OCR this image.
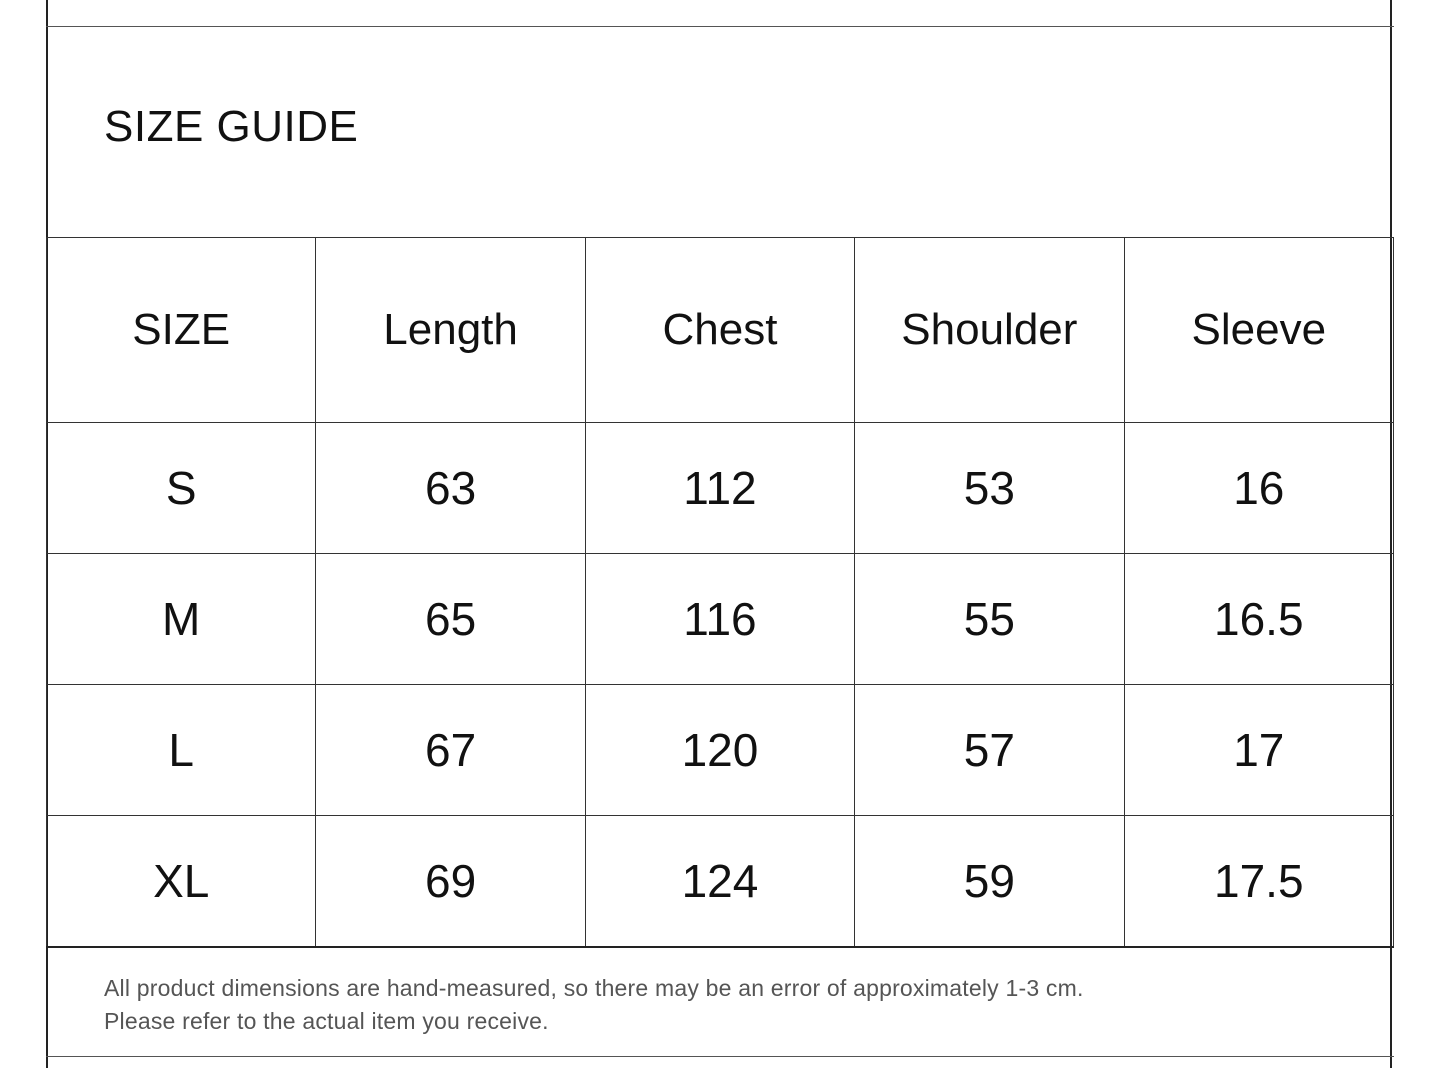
SIZE GUIDE
SIZE	Length	Chest	Shoulder	Sleeve
S	63	112	53	16
M	65	116	55	16.5
L	67	120	57	17
XL	69	124	59	17.5
All product dimensions are hand-measured, so there may be an error of approximately 1-3 cm.
Please refer to the actual item you receive.
